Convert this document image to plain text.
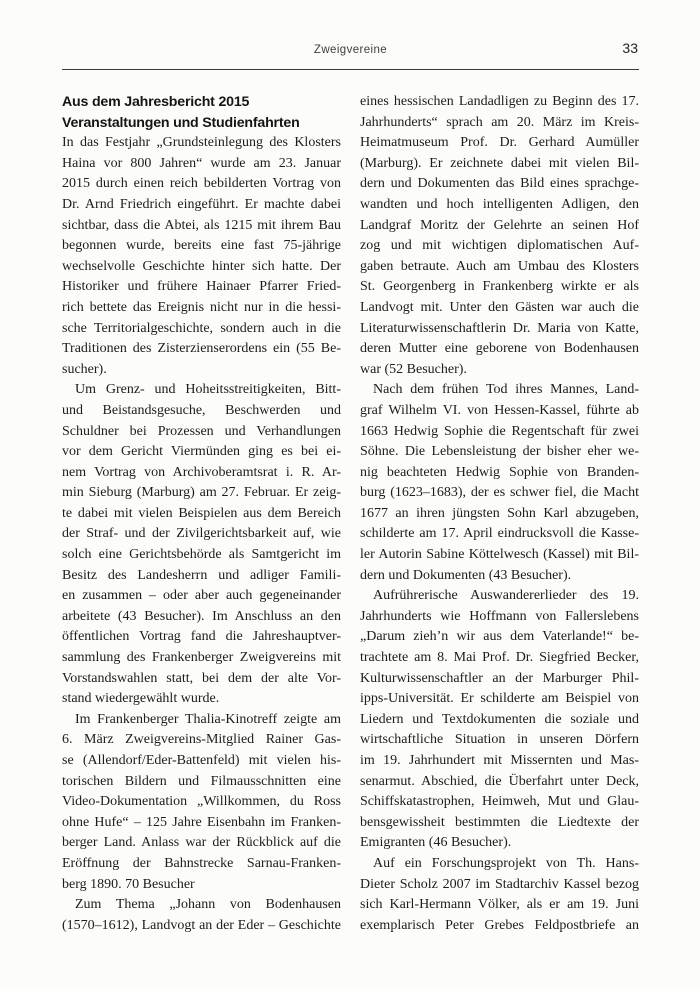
Zweigvereine	33
Aus dem Jahresbericht 2015
Veranstaltungen und Studienfahrten
In das Festjahr „Grundsteinlegung des Klosters
Haina vor 800 Jahren“ wurde am 23. Januar
2015 durch einen reich bebilderten Vortrag von
Dr. Arnd Friedrich eingeführt. Er machte dabei
sichtbar, dass die Abtei, als 1215 mit ihrem Bau
begonnen wurde, bereits eine fast 75-jährige
wechselvolle Geschichte hinter sich hatte. Der
Historiker und frühere Hainaer Pfarrer Fried-
rich bettete das Ereignis nicht nur in die hessi-
sche Territorialgeschichte, sondern auch in die
Traditionen des Zisterzienserordens ein (55 Be-
sucher).
Um Grenz- und Hoheitsstreitigkeiten, Bitt-
und Beistandsgesuche, Beschwerden und
Schuldner bei Prozessen und Verhandlungen
vor dem Gericht Viermünden ging es bei ei-
nem Vortrag von Archivoberamtsrat i. R. Ar-
min Sieburg (Marburg) am 27. Februar. Er zeig-
te dabei mit vielen Beispielen aus dem Bereich
der Straf- und der Zivilgerichtsbarkeit auf, wie
solch eine Gerichtsbehörde als Samtgericht im
Besitz des Landesherrn und adliger Famili-
en zusammen – oder aber auch gegeneinander
arbeitete (43 Besucher). Im Anschluss an den
öffentlichen Vortrag fand die Jahreshauptver-
sammlung des Frankenberger Zweigvereins mit
Vorstandswahlen statt, bei dem der alte Vor-
stand wiedergewählt wurde.
Im Frankenberger Thalia-Kinotreff zeigte am
6. März Zweigvereins-Mitglied Rainer Gas-
se (Allendorf/Eder-Battenfeld) mit vielen his-
torischen Bildern und Filmausschnitten eine
Video-Dokumentation „Willkommen, du Ross
ohne Hufe“ – 125 Jahre Eisenbahn im Franken-
berger Land. Anlass war der Rückblick auf die
Eröffnung der Bahnstrecke Sarnau-Franken-
berg 1890. 70 Besucher
Zum Thema „Johann von Bodenhausen
(1570–1612), Landvogt an der Eder – Geschichte
eines hessischen Landadligen zu Beginn des 17.
Jahrhunderts“ sprach am 20. März im Kreis-
Heimatmuseum Prof. Dr. Gerhard Aumüller
(Marburg). Er zeichnete dabei mit vielen Bil-
dern und Dokumenten das Bild eines sprachge-
wandten und hoch intelligenten Adligen, den
Landgraf Moritz der Gelehrte an seinen Hof
zog und mit wichtigen diplomatischen Auf-
gaben betraute. Auch am Umbau des Klosters
St. Georgenberg in Frankenberg wirkte er als
Landvogt mit. Unter den Gästen war auch die
Literaturwissenschaftlerin Dr. Maria von Katte,
deren Mutter eine geborene von Bodenhausen
war (52 Besucher).
Nach dem frühen Tod ihres Mannes, Land-
graf Wilhelm VI. von Hessen-Kassel, führte ab
1663 Hedwig Sophie die Regentschaft für zwei
Söhne. Die Lebensleistung der bisher eher we-
nig beachteten Hedwig Sophie von Branden-
burg (1623–1683), der es schwer fiel, die Macht
1677 an ihren jüngsten Sohn Karl abzugeben,
schilderte am 17. April eindrucksvoll die Kasse-
ler Autorin Sabine Köttelwesch (Kassel) mit Bil-
dern und Dokumenten (43 Besucher).
Aufrührerische Auswandererlieder des 19.
Jahrhunderts wie Hoffmann von Fallerslebens
„Darum zieh’n wir aus dem Vaterlande!“ be-
trachtete am 8. Mai Prof. Dr. Siegfried Becker,
Kulturwissenschaftler an der Marburger Phil-
ipps-Universität. Er schilderte am Beispiel von
Liedern und Textdokumenten die soziale und
wirtschaftliche Situation in unseren Dörfern
im 19. Jahrhundert mit Missernten und Mas-
senarmut. Abschied, die Überfahrt unter Deck,
Schiffskatastrophen, Heimweh, Mut und Glau-
bensgewissheit bestimmten die Liedtexte der
Emigranten (46 Besucher).
Auf ein Forschungsprojekt von Th. Hans-
Dieter Scholz 2007 im Stadtarchiv Kassel bezog
sich Karl-Hermann Völker, als er am 19. Juni
exemplarisch Peter Grebes Feldpostbriefe an
